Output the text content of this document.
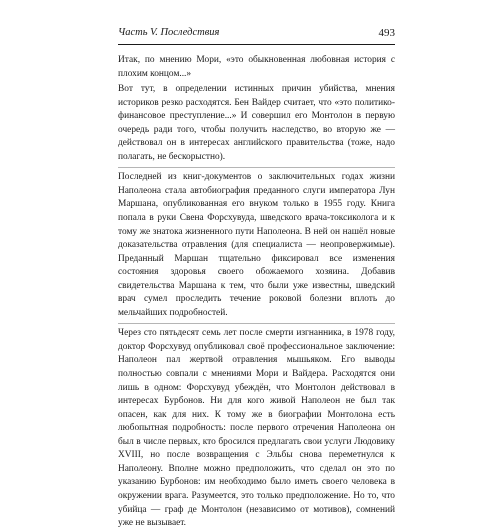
Часть V. Последствия	493

Итак, по мнению Мори, «это обыкновенная любовная история с плохим концом...»

Вот тут, в определении истинных причин убийства, мнения историков резко расходятся. Бен Вайдер считает, что «это политико-финансовое преступление...» И совершил его Монтолон в первую очередь ради того, чтобы получить наследство, во вторую же — действовал он в интересах английского правительства (тоже, надо полагать, не бескорыстно).

Последней из книг-документов о заключительных годах жизни Наполеона стала автобиография преданного слуги императора Лун Маршана, опубликованная его внуком только в 1955 году. Книга попала в руки Свена Форсхувуда, шведского врача-токсиколога и к тому же знатока жизненного пути Наполеона. В ней он нашёл новые доказательства отравления (для специалиста — неопровержимые). Преданный Маршан тщательно фиксировал все изменения состояния здоровья своего обожаемого хозяина. Добавив свидетельства Маршана к тем, что были уже известны, шведский врач сумел проследить течение роковой болезни вплоть до мельчайших подробностей.

Через сто пятьдесят семь лет после смерти изгнанника, в 1978 году, доктор Форсхувуд опубликовал своё профессиональное заключение: Наполеон пал жертвой отравления мышьяком. Его выводы полностью совпали с мнениями Мори и Вайдера. Расходятся они лишь в одном: Форсхувуд убеждён, что Монтолон действовал в интересах Бурбонов. Ни для кого живой Наполеон не был так опасен, как для них. К тому же в биографии Монтолона есть любопытная подробность: после первого отречения Наполеона он был в числе первых, кто бросился предлагать свои услуги Людовику XVIII, но после возвращения с Эльбы снова переметнулся к Наполеону. Вполне можно предположить, что сделал он это по указанию Бурбонов: им необходимо было иметь своего человека в окружении врага. Разумеется, это только предположение. Но то, что убийца — граф де Монтолон (независимо от мотивов), сомнений уже не вызывает.
